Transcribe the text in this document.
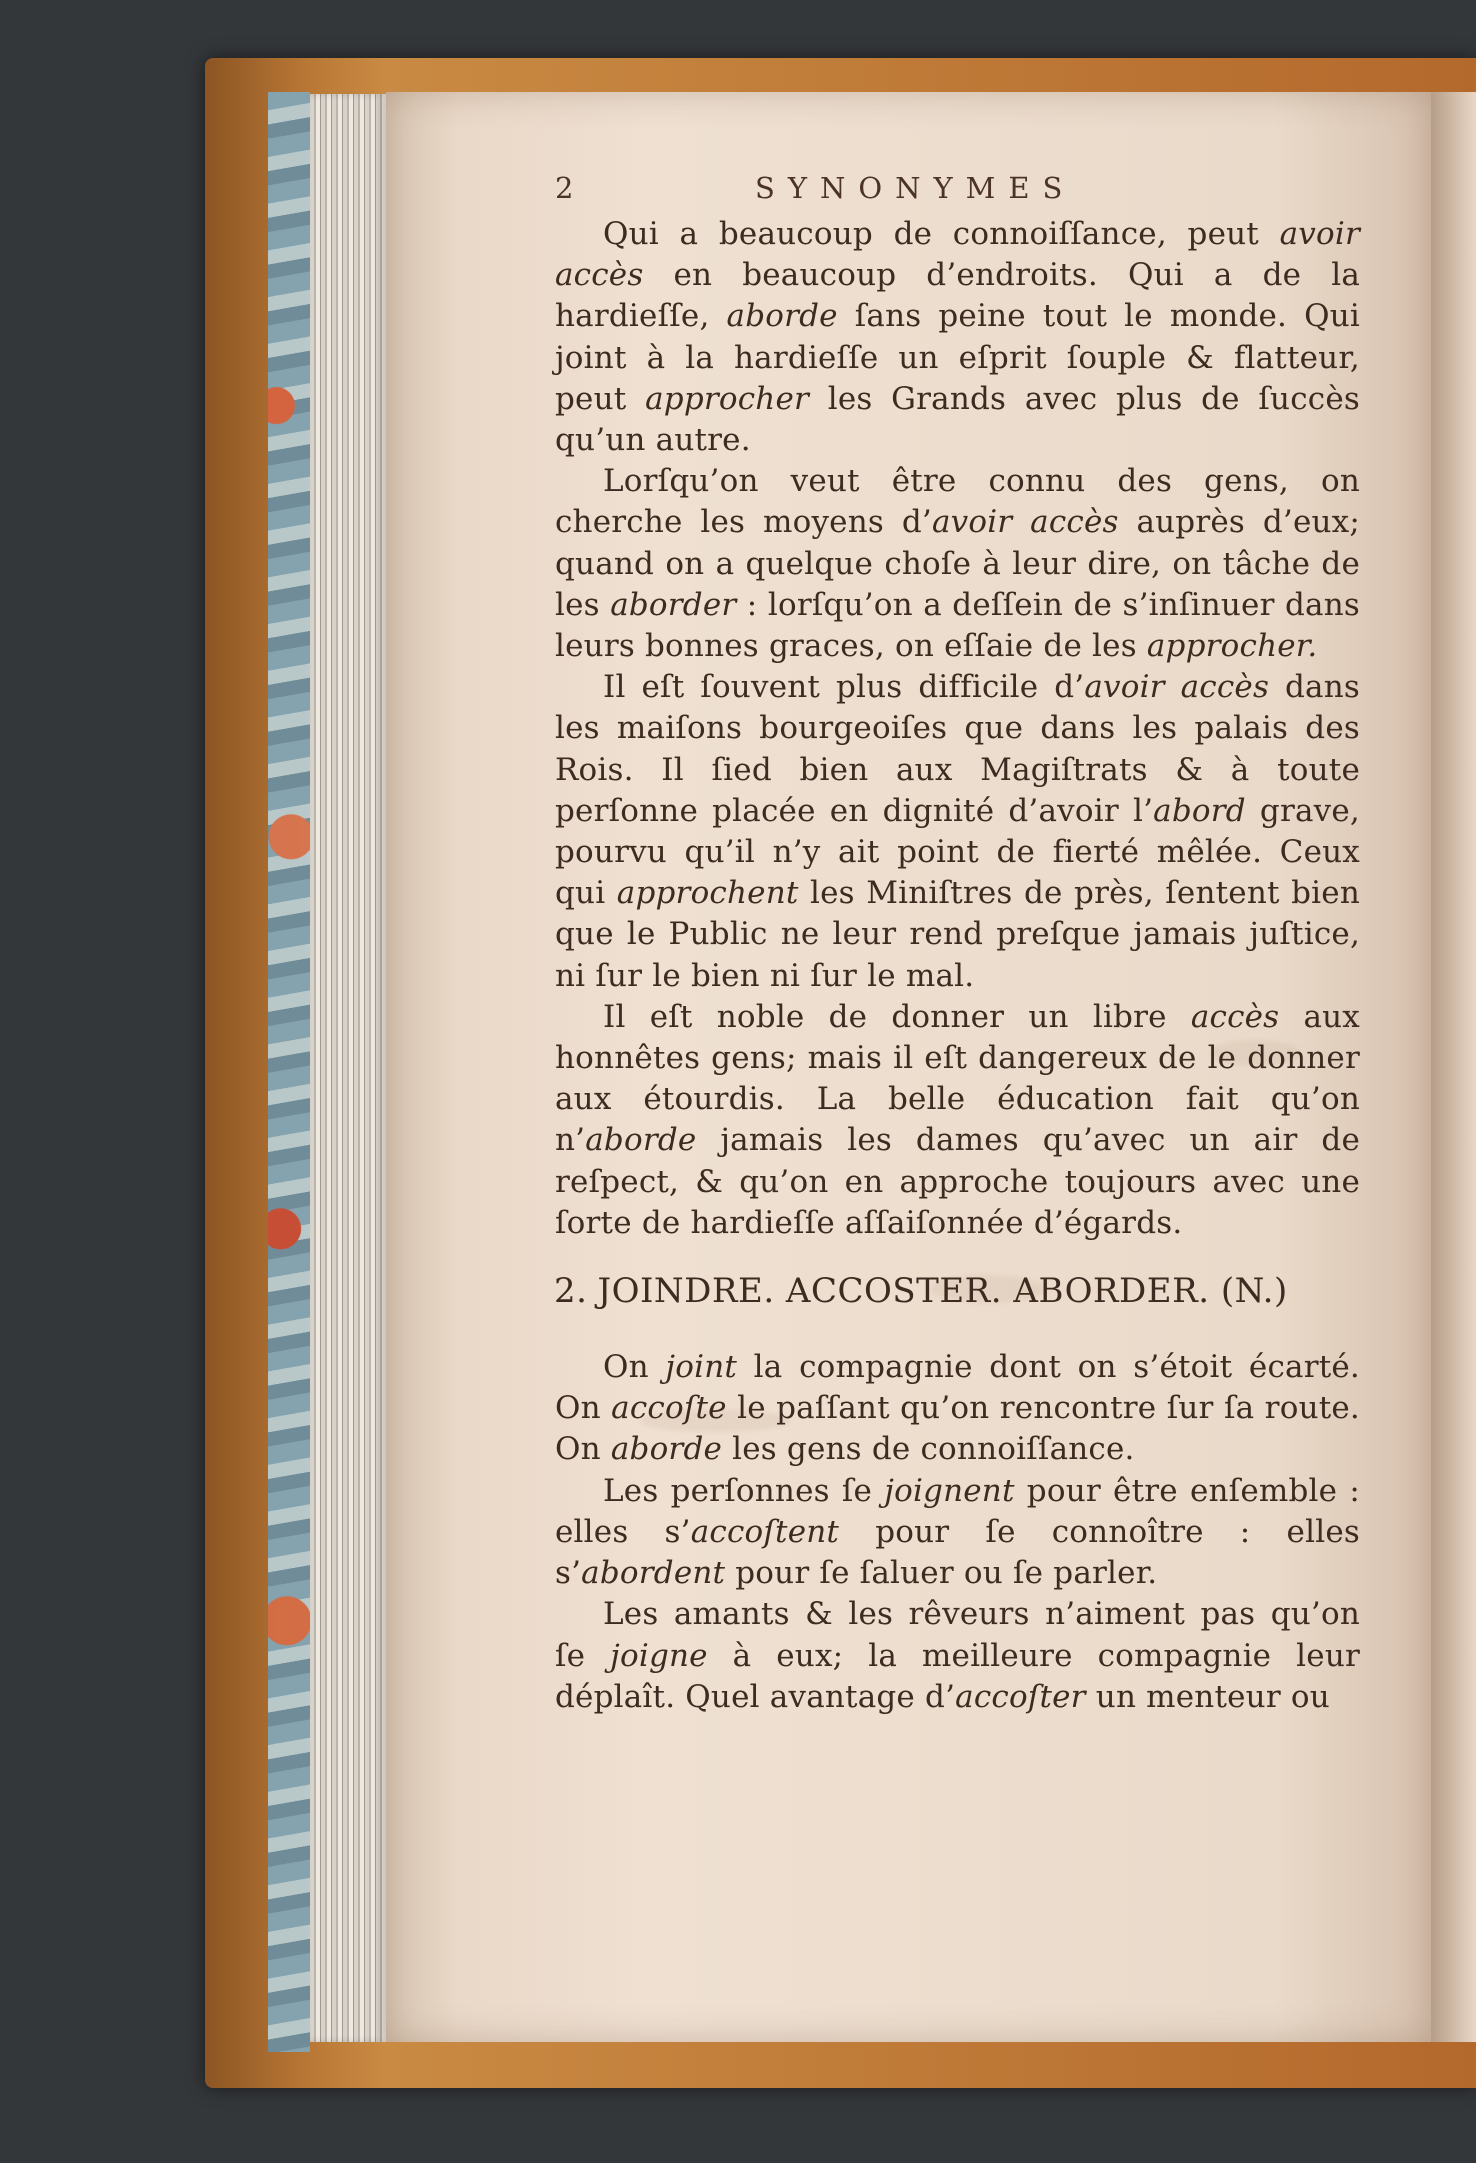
2	SYNONYMES

Qui a beaucoup de connoiſſance, peut avoir accès en beaucoup d’endroits. Qui a de la hardieſſe, aborde ſans peine tout le monde. Qui joint à la hardieſſe un eſprit ſouple & flatteur, peut approcher les Grands avec plus de ſuccès qu’un autre.

Lorſqu’on veut être connu des gens, on cherche les moyens d’avoir accès auprès d’eux; quand on a quelque choſe à leur dire, on tâche de les aborder : lorſqu’on a deſſein de s’inſinuer dans leurs bonnes graces, on eſſaie de les approcher.

Il eſt ſouvent plus difficile d’avoir accès dans les maiſons bourgeoiſes que dans les palais des Rois. Il ſied bien aux Magiſtrats & à toute perſonne placée en dignité d’avoir l’abord grave, pourvu qu’il n’y ait point de fierté mêlée. Ceux qui approchent les Miniſtres de près, ſentent bien que le Public ne leur rend preſque jamais juſtice, ni ſur le bien ni ſur le mal.

Il eſt noble de donner un libre accès aux honnêtes gens; mais il eſt dangereux de le donner aux étourdis. La belle éducation fait qu’on n’aborde jamais les dames qu’avec un air de reſpect, & qu’on en approche toujours avec une ſorte de hardieſſe aſſaiſonnée d’égards.

2. JOINDRE. ACCOSTER. ABORDER. (N.)

On joint la compagnie dont on s’étoit écarté. On accoſte le paſſant qu’on rencontre ſur ſa route. On aborde les gens de connoiſſance.

Les perſonnes ſe joignent pour être enſemble : elles s’accoſtent pour ſe connoître : elles s’abordent pour ſe ſaluer ou ſe parler.

Les amants & les rêveurs n’aiment pas qu’on ſe joigne à eux; la meilleure compagnie leur déplaît. Quel avantage d’accoſter un menteur ou
